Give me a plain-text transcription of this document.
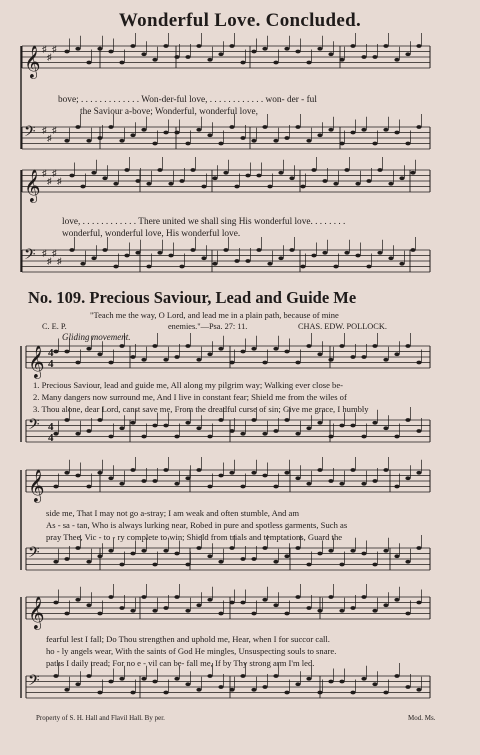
Wonderful Love. Concluded.
𝄞 ♯
♯
♯
𝄢 ♯
♯
♯
𝄞 ♯
♯
♯
♯
𝄢 ♯
♯
♯
♯
𝄞
𝄢
𝄞
𝄢
𝄞
𝄢
4
4
4
4
bove; . . . . . . . . . . . . . Won-der-ful love, . . . . . . . . . . . . won- der - ful
the Saviour a-bove; Wonderful, wonderful love,
love, . . . . . . . . . . . . There united we shall sing His wonderful love. . . . . . . .
wonderful, wonderful love, His wonderful love.
No. 109. Precious Saviour, Lead and Guide Me
"Teach me the way, O Lord, and lead me in a plain path, because of mine
C. E. P.	enemies."—Psa. 27: 11.	CHAS. EDW. POLLOCK.
Gliding movement.
1. Precious Saviour, lead and guide me, All along my pilgrim way; Walking ever close be-
2. Many dangers now surround me, And I live in constant fear; Shield me from the wiles of
3. Thou alone, dear Lord, canst save me, From the dreadful curse of sin; Give me grace, I humbly
side me, That I may not go a-stray; I am weak and often stumble, And am
As - sa - tan, Who is always lurking near, Robed in pure and spotless garments, Such as
pray Thee, Vic - to - ry complete to win; Shield from trials and temptations, Guard the
fearful lest I fall; Do Thou strengthen and uphold me, Hear, when I for succor call.
ho - ly angels wear, With the saints of God He mingles, Unsuspecting souls to snare.
paths I daily tread; For no e - vil can be- fall me, If by Thy strong arm I'm led.
Property of S. H. Hall and Flavil Hall. By per.	Mod. Ms.
